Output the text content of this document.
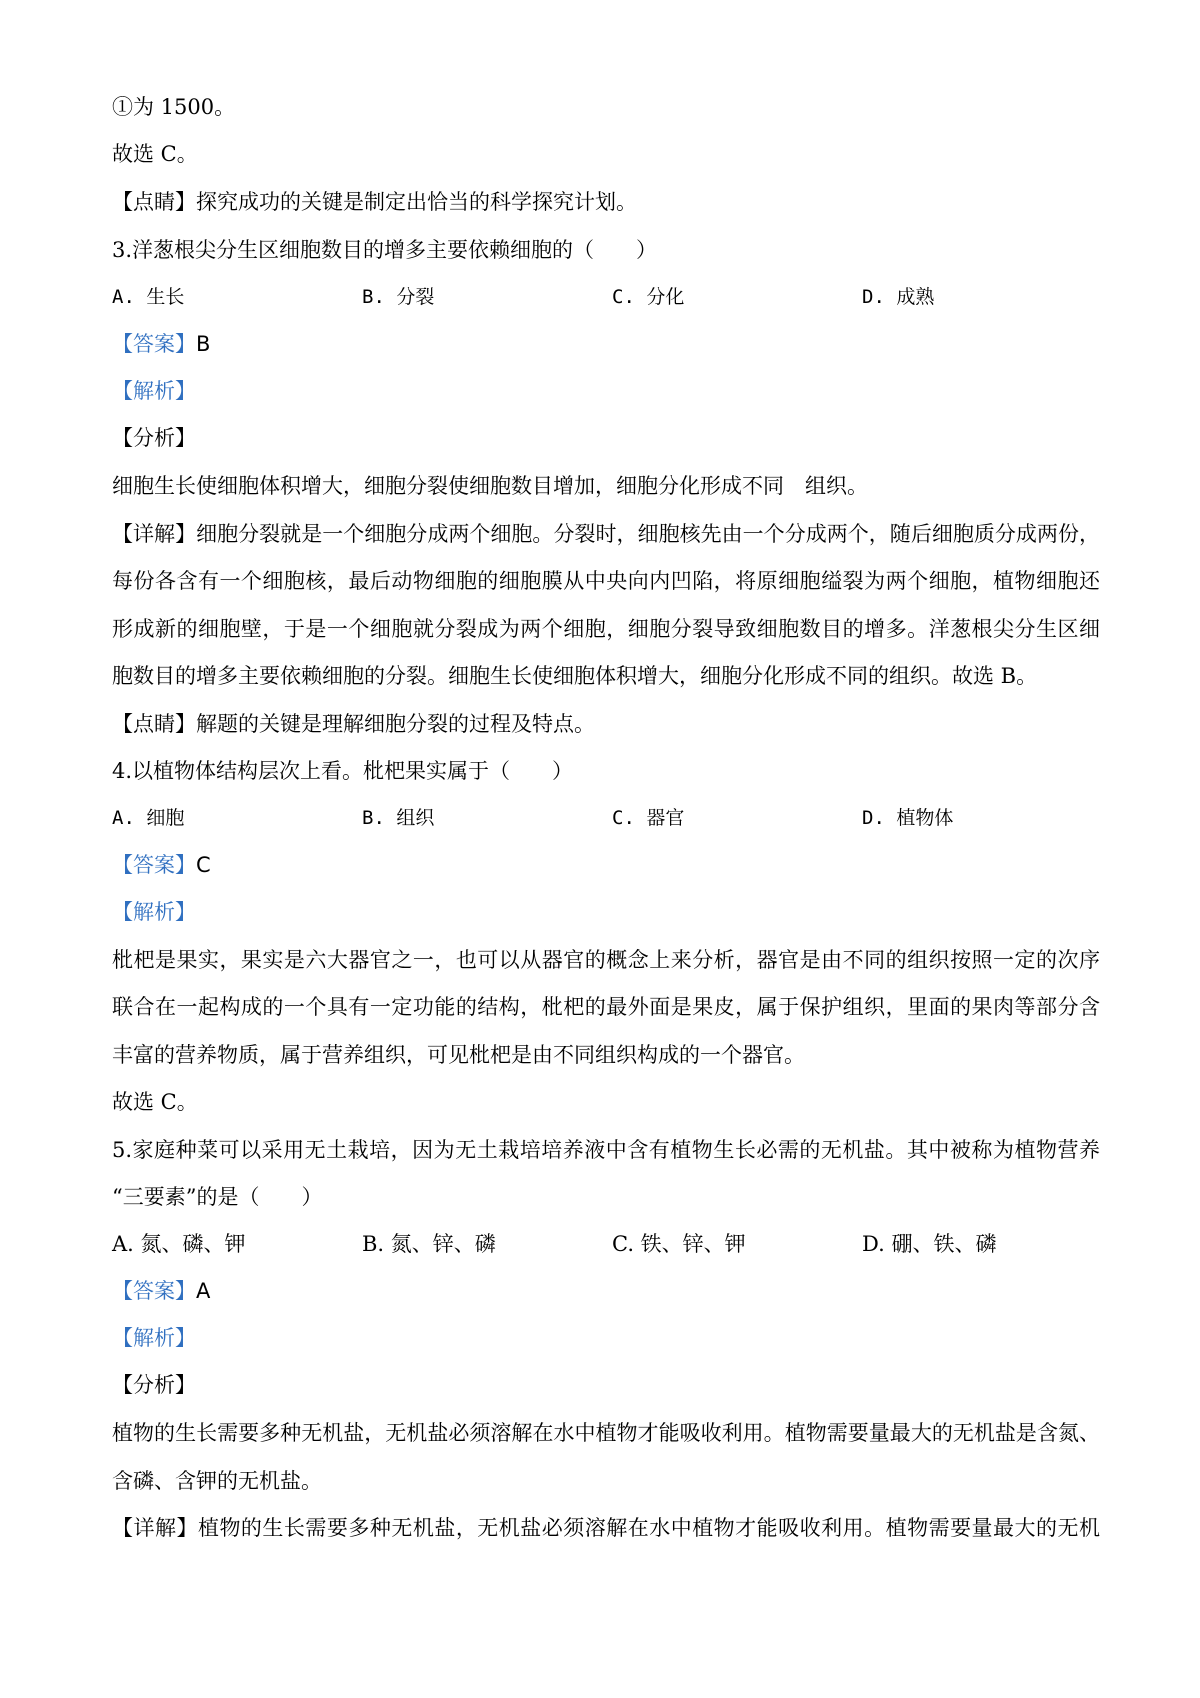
①为 1500。
故选 C。
【点睛】探究成功的关键是制定出恰当的科学探究计划。
3.洋葱根尖分生区细胞数目的增多主要依赖细胞的（　　）
A. 生长	B. 分裂	C. 分化	D. 成熟
【答案】B
【解析】
【分析】
细胞生长使细胞体积增大，细胞分裂使细胞数目增加，细胞分化形成不同　组织。
【详解】细胞分裂就是一个细胞分成两个细胞。分裂时，细胞核先由一个分成两个，随后细胞质分成两份，
每份各含有一个细胞核，最后动物细胞的细胞膜从中央向内凹陷，将原细胞缢裂为两个细胞，植物细胞还
形成新的细胞壁，于是一个细胞就分裂成为两个细胞，细胞分裂导致细胞数目的增多。洋葱根尖分生区细
胞数目的增多主要依赖细胞的分裂。细胞生长使细胞体积增大，细胞分化形成不同的组织。故选 B。
【点睛】解题的关键是理解细胞分裂的过程及特点。
4.以植物体结构层次上看。枇杷果实属于（　　）
A. 细胞	B. 组织	C. 器官	D. 植物体
【答案】C
【解析】
枇杷是果实，果实是六大器官之一，也可以从器官的概念上来分析，器官是由不同的组织按照一定的次序
联合在一起构成的一个具有一定功能的结构，枇杷的最外面是果皮，属于保护组织，里面的果肉等部分含
丰富的营养物质，属于营养组织，可见枇杷是由不同组织构成的一个器官。
故选 C。
5.家庭种菜可以采用无土栽培，因为无土栽培培养液中含有植物生长必需的无机盐。其中被称为植物营养
“三要素”的是（　　）
A. 氮、磷、钾	B. 氮、锌、磷	C. 铁、锌、钾	D. 硼、铁、磷
【答案】A
【解析】
【分析】
植物的生长需要多种无机盐，无机盐必须溶解在水中植物才能吸收利用。植物需要量最大的无机盐是含氮、
含磷、含钾的无机盐。
【详解】植物的生长需要多种无机盐，无机盐必须溶解在水中植物才能吸收利用。植物需要量最大的无机
